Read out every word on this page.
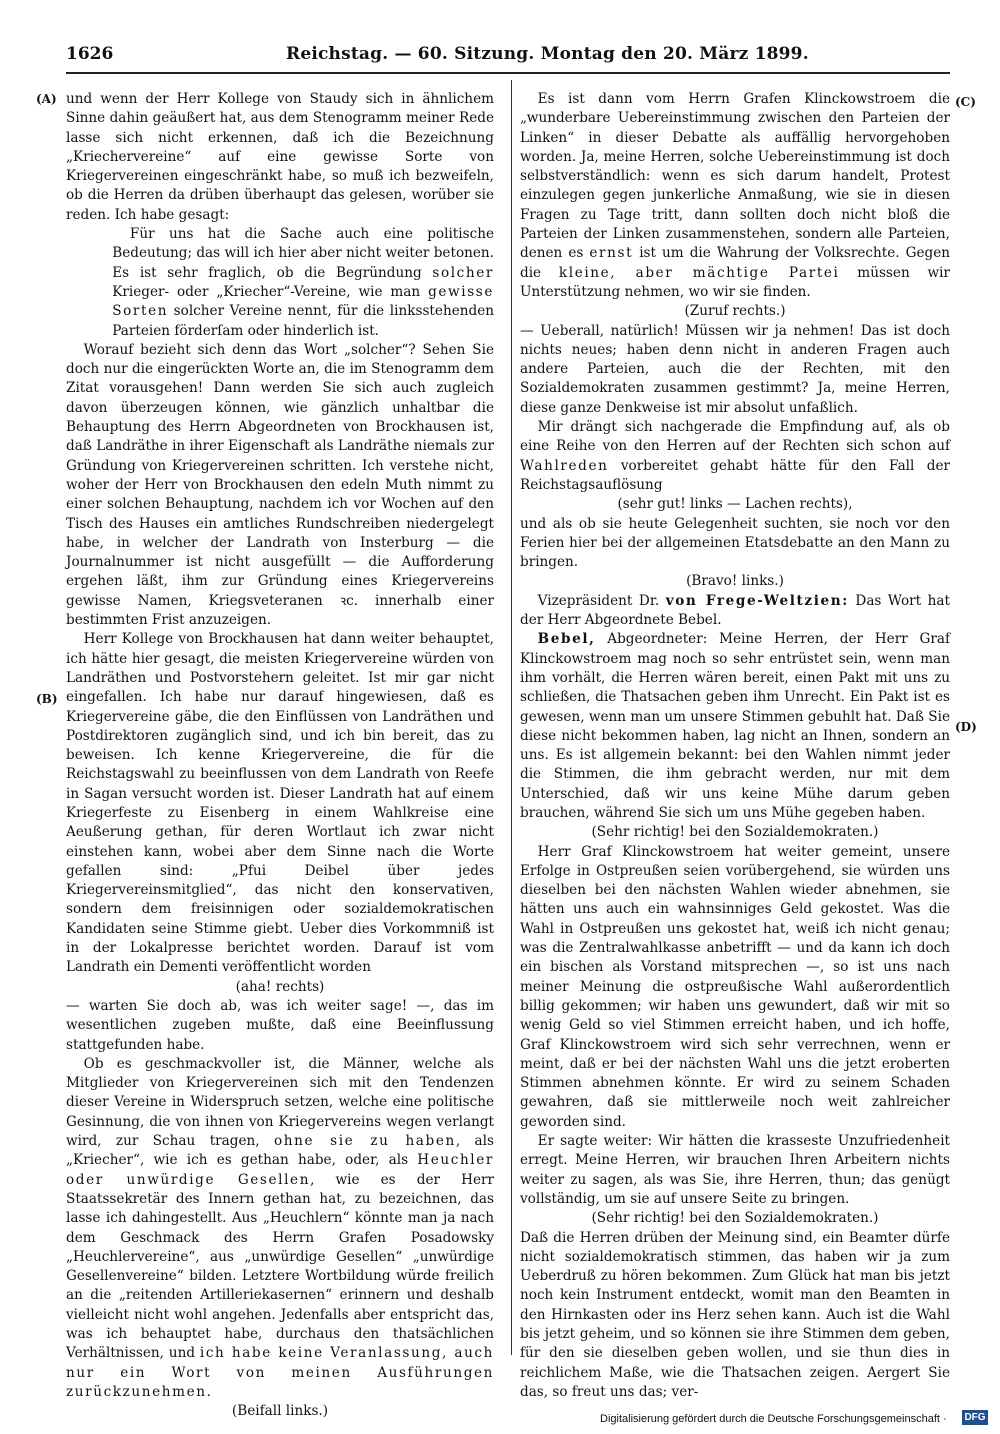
1626	Reichstag. — 60. Sitzung. Montag den 20. März 1899.
(A)
(B)
(C)
(D)

und wenn der Herr Kollege von Staudy sich in ähnlichem Sinne dahin geäußert hat, aus dem Stenogramm meiner Rede lasse sich nicht erkennen, daß ich die Bezeichnung „Kriechervereine“ auf eine gewisse Sorte von Kriegervereinen eingeschränkt habe, so muß ich bezweifeln, ob die Herren da drüben überhaupt das gelesen, worüber sie reden. Ich habe gesagt:

Für uns hat die Sache auch eine politische Bedeutung; das will ich hier aber nicht weiter betonen. Es ist sehr fraglich, ob die Begründung solcher Krieger- oder „Kriecher“-Vereine, wie man gewisse Sorten solcher Vereine nennt, für die linksstehenden Parteien förderſam oder hinderlich ist.

Worauf bezieht sich denn das Wort „solcher“? Sehen Sie doch nur die eingerückten Worte an, die im Stenogramm dem Zitat vorausgehen! Dann werden Sie sich auch zugleich davon überzeugen können, wie gänzlich unhaltbar die Behauptung des Herrn Abgeordneten von Brockhausen ist, daß Landräthe in ihrer Eigenschaft als Landräthe niemals zur Gründung von Kriegervereinen schritten. Ich verstehe nicht, woher der Herr von Brockhausen den edeln Muth nimmt zu einer solchen Behauptung, nachdem ich vor Wochen auf den Tisch des Hauses ein amtliches Rundschreiben niedergelegt habe, in welcher der Landrath von Insterburg — die Journalnummer ist nicht ausgefüllt — die Aufforderung ergehen läßt, ihm zur Gründung eines Kriegervereins gewisse Namen, Kriegsveteranen ꝛc. innerhalb einer bestimmten Frist anzuzeigen.

Herr Kollege von Brockhausen hat dann weiter behauptet, ich hätte hier gesagt, die meisten Kriegervereine würden von Landräthen und Postvorstehern geleitet. Ist mir gar nicht eingefallen. Ich habe nur darauf hingewiesen, daß es Kriegervereine gäbe, die den Einflüssen von Landräthen und Postdirektoren zugänglich sind, und ich bin bereit, das zu beweisen. Ich kenne Kriegervereine, die für die Reichstagswahl zu beeinflussen von dem Landrath von Reefe in Sagan versucht worden ist. Dieser Landrath hat auf einem Kriegerfeste zu Eisenberg in einem Wahlkreise eine Aeußerung gethan, für deren Wortlaut ich zwar nicht einstehen kann, wobei aber dem Sinne nach die Worte gefallen sind: „Pfui Deibel über jedes Kriegervereinsmitglied“, das nicht den konservativen, sondern dem freisinnigen oder sozialdemokratischen Kandidaten seine Stimme giebt. Ueber dies Vorkommniß ist in der Lokalpresse berichtet worden. Darauf ist vom Landrath ein Dementi veröffentlicht worden

(aha! rechts)

— warten Sie doch ab, was ich weiter sage! —, das im wesentlichen zugeben mußte, daß eine Beeinflussung stattgefunden habe.

Ob es geschmackvoller ist, die Männer, welche als Mitglieder von Kriegervereinen sich mit den Tendenzen dieser Vereine in Widerspruch setzen, welche eine politische Gesinnung, die von ihnen von Kriegervereins wegen verlangt wird, zur Schau tragen, ohne sie zu haben, als „Kriecher“, wie ich es gethan habe, oder, als Heuchler oder unwürdige Gesellen, wie es der Herr Staatssekretär des Innern gethan hat, zu bezeichnen, das lasse ich dahingestellt. Aus „Heuchlern“ könnte man ja nach dem Geschmack des Herrn Grafen Posadowsky „Heuchlervereine“, aus „unwürdige Gesellen“ „unwürdige Gesellenvereine“ bilden. Letztere Wortbildung würde freilich an die „reitenden Artilleriekasernen“ erinnern und deshalb vielleicht nicht wohl angehen. Jedenfalls aber entspricht das, was ich behauptet habe, durchaus den thatsächlichen Verhältnissen, und ich habe keine Veranlassung, auch nur ein Wort von meinen Ausführungen zurückzunehmen.

(Beifall links.)

Es ist dann vom Herrn Grafen Klinckowstroem die „wunderbare Uebereinstimmung zwischen den Parteien der Linken“ in dieser Debatte als auffällig hervorgehoben worden. Ja, meine Herren, solche Uebereinstimmung ist doch selbstverständlich: wenn es sich darum handelt, Protest einzulegen gegen junkerliche Anmaßung, wie sie in diesen Fragen zu Tage tritt, dann sollten doch nicht bloß die Parteien der Linken zusammenstehen, sondern alle Parteien, denen es ernst ist um die Wahrung der Volksrechte. Gegen die kleine, aber mächtige Partei müssen wir Unterstützung nehmen, wo wir sie finden.

(Zuruf rechts.)

— Ueberall, natürlich! Müssen wir ja nehmen! Das ist doch nichts neues; haben denn nicht in anderen Fragen auch andere Parteien, auch die der Rechten, mit den Sozialdemokraten zusammen gestimmt? Ja, meine Herren, diese ganze Denkweise ist mir absolut unfaßlich.

Mir drängt sich nachgerade die Empfindung auf, als ob eine Reihe von den Herren auf der Rechten sich schon auf Wahlreden vorbereitet gehabt hätte für den Fall der Reichstagsauflösung

(sehr gut! links — Lachen rechts),

und als ob sie heute Gelegenheit suchten, sie noch vor den Ferien hier bei der allgemeinen Etatsdebatte an den Mann zu bringen.

(Bravo! links.)

Vizepräsident Dr. von Frege-Weltzien: Das Wort hat der Herr Abgeordnete Bebel.

Bebel, Abgeordneter: Meine Herren, der Herr Graf Klinckowstroem mag noch so sehr entrüstet sein, wenn man ihm vorhält, die Herren wären bereit, einen Pakt mit uns zu schließen, die Thatsachen geben ihm Unrecht. Ein Pakt ist es gewesen, wenn man um unsere Stimmen gebuhlt hat. Daß Sie diese nicht bekommen haben, lag nicht an Ihnen, sondern an uns. Es ist allgemein bekannt: bei den Wahlen nimmt jeder die Stimmen, die ihm gebracht werden, nur mit dem Unterschied, daß wir uns keine Mühe darum geben brauchen, während Sie sich um uns Mühe gegeben haben.

(Sehr richtig! bei den Sozialdemokraten.)

Herr Graf Klinckowstroem hat weiter gemeint, unsere Erfolge in Ostpreußen seien vorübergehend, sie würden uns dieselben bei den nächsten Wahlen wieder abnehmen, sie hätten uns auch ein wahnsinniges Geld gekostet. Was die Wahl in Ostpreußen uns gekostet hat, weiß ich nicht genau; was die Zentralwahlkasse anbetrifft — und da kann ich doch ein bischen als Vorstand mitsprechen —, so ist uns nach meiner Meinung die ostpreußische Wahl außerordentlich billig gekommen; wir haben uns gewundert, daß wir mit so wenig Geld so viel Stimmen erreicht haben, und ich hoffe, Graf Klinckowstroem wird sich sehr verrechnen, wenn er meint, daß er bei der nächsten Wahl uns die jetzt eroberten Stimmen abnehmen könnte. Er wird zu seinem Schaden gewahren, daß sie mittlerweile noch weit zahlreicher geworden sind.

Er sagte weiter: Wir hätten die krasseste Unzufriedenheit erregt. Meine Herren, wir brauchen Ihren Arbeitern nichts weiter zu sagen, als was Sie, ihre Herren, thun; das genügt vollständig, um sie auf unsere Seite zu bringen.

(Sehr richtig! bei den Sozialdemokraten.)

Daß die Herren drüben der Meinung sind, ein Beamter dürfe nicht sozialdemokratisch stimmen, das haben wir ja zum Ueberdruß zu hören bekommen. Zum Glück hat man bis jetzt noch kein Instrument entdeckt, womit man den Beamten in den Hirnkasten oder ins Herz sehen kann. Auch ist die Wahl bis jetzt geheim, und so können sie ihre Stimmen dem geben, für den sie dieselben geben wollen, und sie thun dies in reichlichem Maße, wie die Thatsachen zeigen. Aergert Sie das, so freut uns das; ver-

Digitalisierung gefördert durch die Deutsche Forschungsgemeinschaft · DFG
